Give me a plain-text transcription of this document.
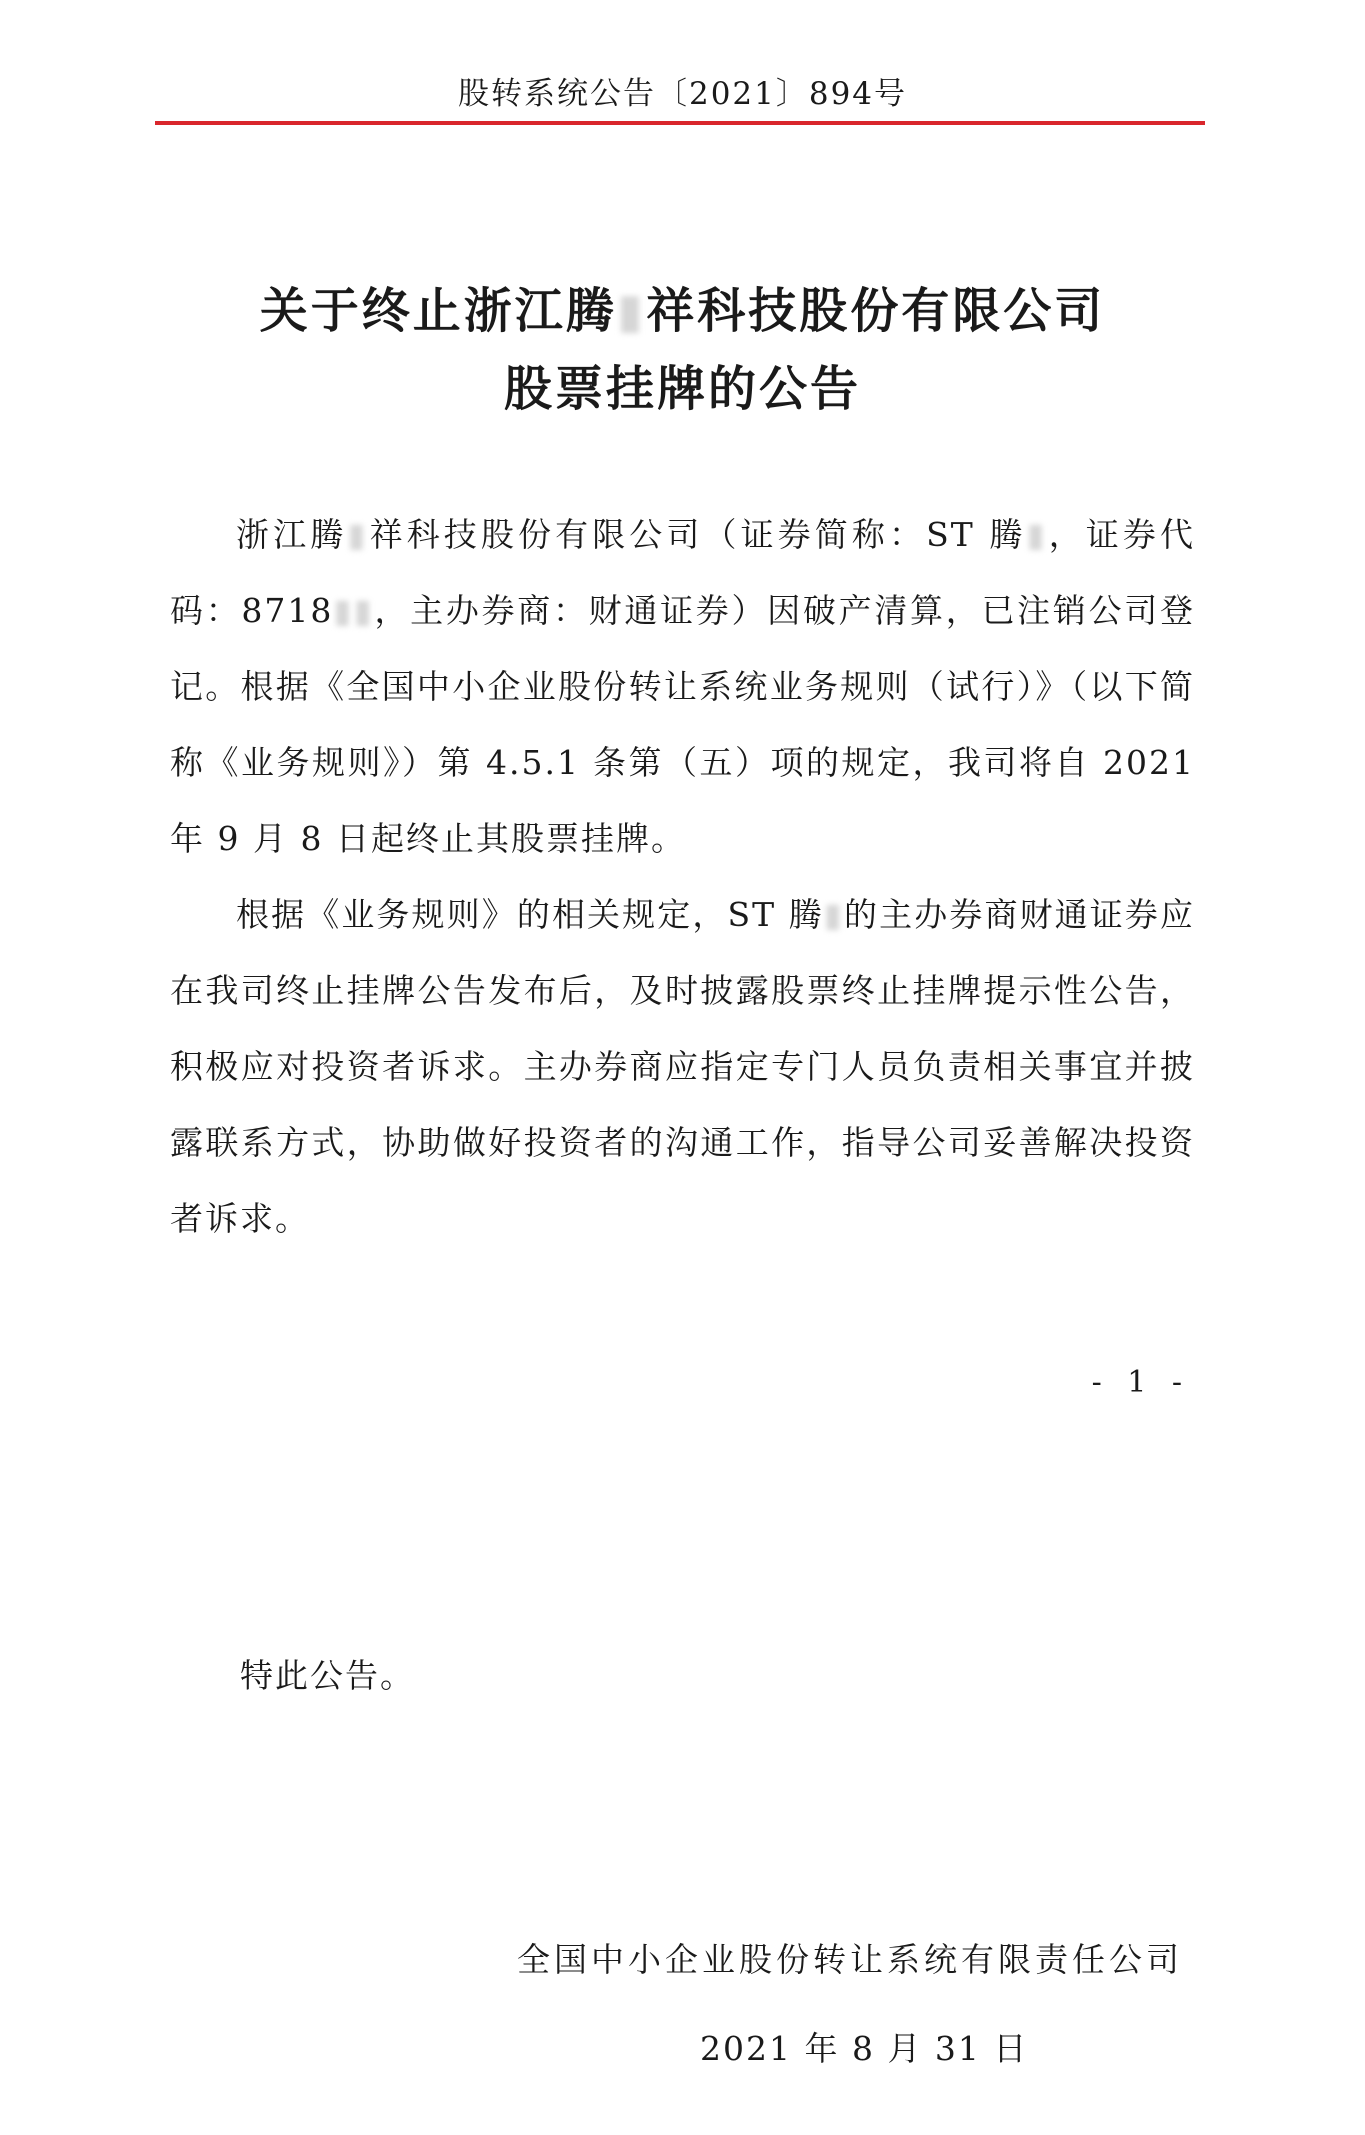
股转系统公告〔2021〕894号
关于终止浙江腾▮祥科技股份有限公司
股票挂牌的公告

浙江腾▮祥科技股份有限公司（证券简称：ST 腾▮，证券代码：8718▮▮，主办券商：财通证券）因破产清算，已注销公司登记。根据《全国中小企业股份转让系统业务规则（试行）》（以下简称《业务规则》）第 4.5.1 条第（五）项的规定，我司将自 2021 年 9 月 8 日起终止其股票挂牌。

根据《业务规则》的相关规定，ST 腾▮的主办券商财通证券应在我司终止挂牌公告发布后，及时披露股票终止挂牌提示性公告，积极应对投资者诉求。主办券商应指定专门人员负责相关事宜并披露联系方式，协助做好投资者的沟通工作，指导公司妥善解决投资者诉求。

- 1 -
特此公告。
全国中小企业股份转让系统有限责任公司
2021 年 8 月 31 日
